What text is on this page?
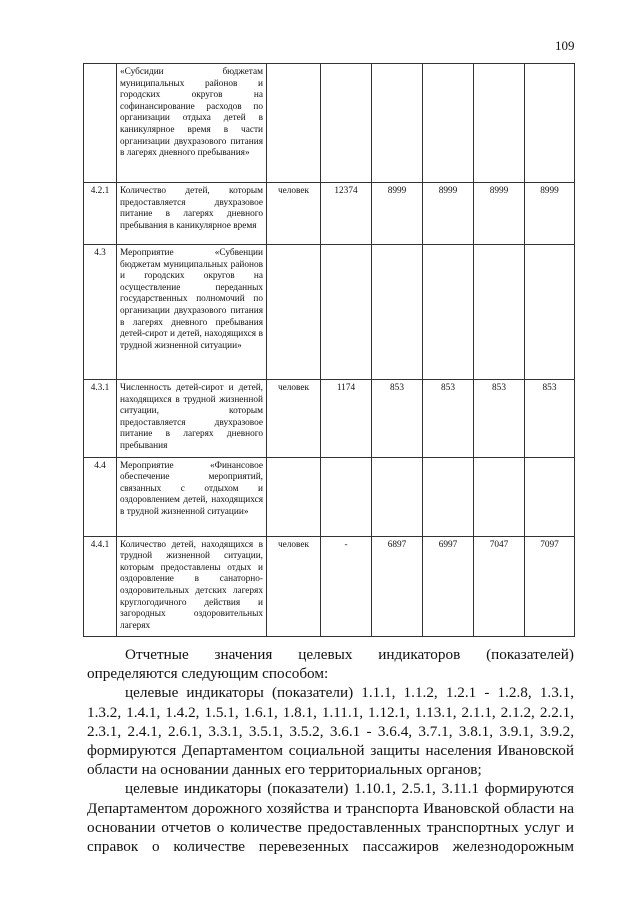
109
	«Субсидии бюджетам муниципальных районов и городских округов на софинансирование расходов по организации отдыха детей в каникулярное время в части организации двухразового питания в лагерях дневного пребывания»						
4.2.1	Количество детей, которым предоставляется двухразовое питание в лагерях дневного пребывания в каникулярное время	человек	12374	8999	8999	8999	8999
4.3	Мероприятие «Субвенции бюджетам муниципальных районов и городских округов на осуществление переданных государственных полномочий по организации двухразового питания в лагерях дневного пребывания детей-сирот и детей, находящихся в трудной жизненной ситуации»						
4.3.1	Численность детей-сирот и детей, находящихся в трудной жизненной ситуации, которым предоставляется двухразовое питание в лагерях дневного пребывания	человек	1174	853	853	853	853
4.4	Мероприятие «Финансовое обеспечение мероприятий, связанных с отдыхом и оздоровлением детей, находящихся в трудной жизненной ситуации»						
4.4.1	Количество детей, находящихся в трудной жизненной ситуации, которым предоставлены отдых и оздоровление в санаторно-оздоровительных детских лагерях круглогодичного действия и загородных оздоровительных лагерях	человек	-	6897	6997	7047	7097

Отчетные значения целевых индикаторов (показателей)

определяются следующим способом:

целевые индикаторы (показатели) 1.1.1, 1.1.2, 1.2.1 - 1.2.8, 1.3.1, 1.3.2, 1.4.1, 1.4.2, 1.5.1, 1.6.1, 1.8.1, 1.11.1, 1.12.1, 1.13.1, 2.1.1, 2.1.2, 2.2.1, 2.3.1, 2.4.1, 2.6.1, 3.3.1, 3.5.1, 3.5.2, 3.6.1 - 3.6.4, 3.7.1, 3.8.1, 3.9.1, 3.9.2, формируются Департаментом социальной защиты населения Ивановской области на основании данных его территориальных органов;

целевые индикаторы (показатели) 1.10.1, 2.5.1, 3.11.1 формируются Департаментом дорожного хозяйства и транспорта Ивановской области на основании отчетов о количестве предоставленных транспортных услуг и справок о количестве перевезенных пассажиров железнодорожным
